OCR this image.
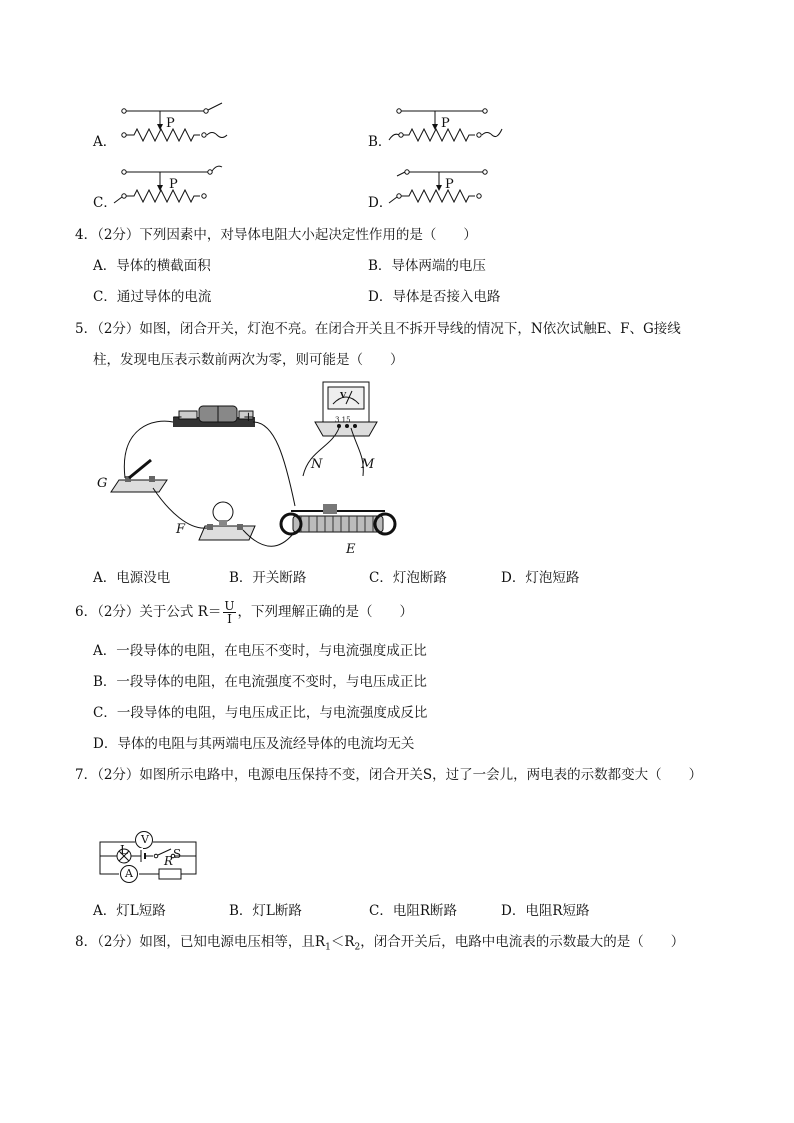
A．
P
B．
P
C．
P
D．
P
4．（2分）下列因素中，对导体电阻大小起决定性作用的是（　　）
A．导体的横截面积	B．导体两端的电压
C．通过导体的电流	D．导体是否接入电路
5．（2分）如图，闭合开关，灯泡不亮。在闭合开关且不拆开导线的情况下，N依次试触E、F、G接线
柱，发现电压表示数前两次为零，则可能是（　　）
−	+
V
3 15
G
F
E
N	M
A．电源没电	B．开关断路	C．灯泡断路	D．灯泡短路
6．（2分）关于公式 $R= \frac{U}{I}$ ，下列理解正确的是（　　）
A．一段导体的电阻，在电压不变时，与电流强度成正比
B．一段导体的电阻，在电流强度不变时，与电压成正比
C．一段导体的电阻，与电压成正比，与电流强度成反比
D．导体的电阻与其两端电压及流经导体的电流均无关
7．（2分）如图所示电路中，电源电压保持不变，闭合开关S，过了一会儿，两电表的示数都变大（　　）
V
L	S
R
A
A．灯L短路	B．灯L断路	C．电阻R断路	D．电阻R短路
8．（2分）如图，已知电源电压相等，且$R_1<R_2$，闭合开关后，电路中电流表的示数最大的是（　　）
